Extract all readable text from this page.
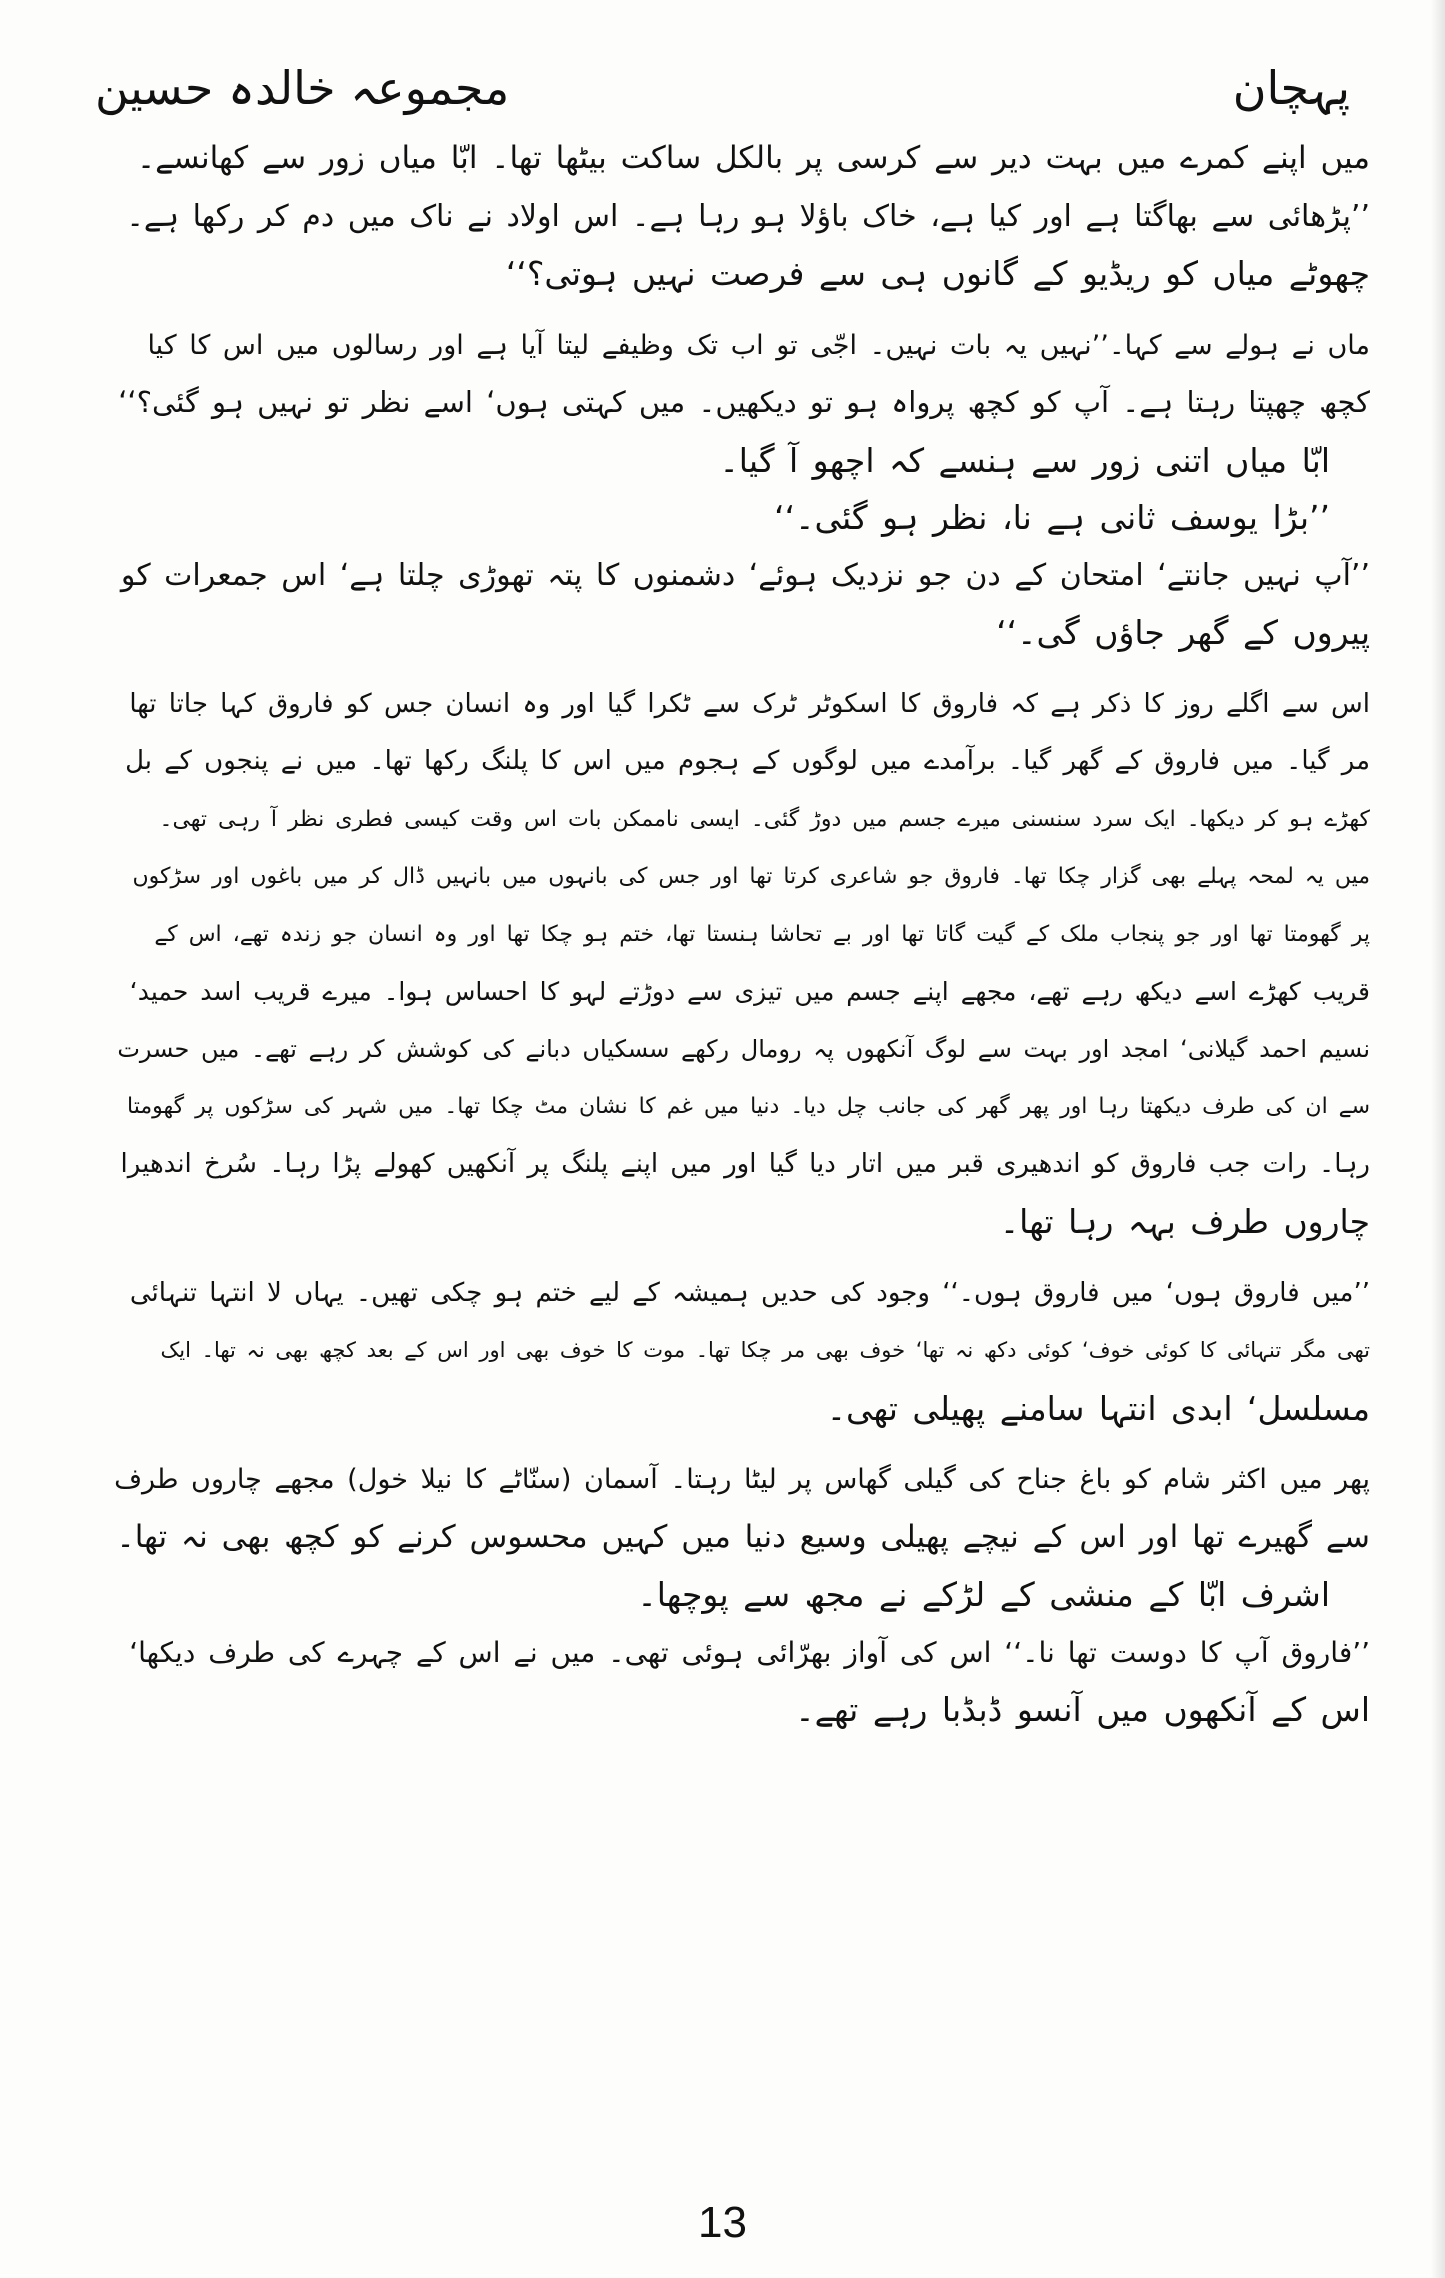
پہچان
مجموعہ خالدہ حسین
میں اپنے کمرے میں بہت دیر سے کرسی پر بالکل ساکت بیٹھا تھا۔ ابّا میاں زور سے کھانسے۔
’’پڑھائی سے بھاگتا ہے اور کیا ہے، خاک باؤلا ہو رہا ہے۔ اس اولاد نے ناک میں دم کر رکھا ہے۔
چھوٹے میاں کو ریڈیو کے گانوں ہی سے فرصت نہیں ہوتی؟‘‘
ماں نے ہولے سے کہا۔’’نہیں یہ بات نہیں۔ اجّی تو اب تک وظیفے لیتا آیا ہے اور رسالوں میں اس کا کیا
کچھ چھپتا رہتا ہے۔ آپ کو کچھ پرواہ ہو تو دیکھیں۔ میں کہتی ہوں‘ اسے نظر تو نہیں ہو گئی؟‘‘
ابّا میاں اتنی زور سے ہنسے کہ اچھو آ گیا۔
’’بڑا یوسف ثانی ہے نا، نظر ہو گئی۔‘‘
’’آپ نہیں جانتے‘ امتحان کے دن جو نزدیک ہوئے‘ دشمنوں کا پتہ تھوڑی چلتا ہے‘ اس جمعرات کو
پیروں کے گھر جاؤں گی۔‘‘
اس سے اگلے روز کا ذکر ہے کہ فاروق کا اسکوٹر ٹرک سے ٹکرا گیا اور وہ انسان جس کو فاروق کہا جاتا تھا
مر گیا۔ میں فاروق کے گھر گیا۔ برآمدے میں لوگوں کے ہجوم میں اس کا پلنگ رکھا تھا۔ میں نے پنجوں کے بل
کھڑے ہو کر دیکھا۔ ایک سرد سنسنی میرے جسم میں دوڑ گئی۔ ایسی ناممکن بات اس وقت کیسی فطری نظر آ رہی تھی۔
میں یہ لمحہ پہلے بھی گزار چکا تھا۔ فاروق جو شاعری کرتا تھا اور جس کی بانہوں میں بانہیں ڈال کر میں باغوں اور سڑکوں
پر گھومتا تھا اور جو پنجاب ملک کے گیت گاتا تھا اور بے تحاشا ہنستا تھا، ختم ہو چکا تھا اور وہ انسان جو زندہ تھے، اس کے
قریب کھڑے اسے دیکھ رہے تھے، مجھے اپنے جسم میں تیزی سے دوڑتے لہو کا احساس ہوا۔ میرے قریب اسد حمید‘
نسیم احمد گیلانی‘ امجد اور بہت سے لوگ آنکھوں پہ رومال رکھے سسکیاں دبانے کی کوشش کر رہے تھے۔ میں حسرت
سے ان کی طرف دیکھتا رہا اور پھر گھر کی جانب چل دیا۔ دنیا میں غم کا نشان مٹ چکا تھا۔ میں شہر کی سڑکوں پر گھومتا
رہا۔ رات جب فاروق کو اندھیری قبر میں اتار دیا گیا اور میں اپنے پلنگ پر آنکھیں کھولے پڑا رہا۔ سُرخ اندھیرا
چاروں طرف بہہ رہا تھا۔
’’میں فاروق ہوں‘ میں فاروق ہوں۔‘‘ وجود کی حدیں ہمیشہ کے لیے ختم ہو چکی تھیں۔ یہاں لا انتہا تنہائی
تھی مگر تنہائی کا کوئی خوف‘ کوئی دکھ نہ تھا‘ خوف بھی مر چکا تھا۔ موت کا خوف بھی اور اس کے بعد کچھ بھی نہ تھا۔ ایک
مسلسل‘ ابدی انتہا سامنے پھیلی تھی۔
پھر میں اکثر شام کو باغ جناح کی گیلی گھاس پر لیٹا رہتا۔ آسمان (سنّاٹے کا نیلا خول) مجھے چاروں طرف
سے گھیرے تھا اور اس کے نیچے پھیلی وسیع دنیا میں کہیں محسوس کرنے کو کچھ بھی نہ تھا۔
اشرف ابّا کے منشی کے لڑکے نے مجھ سے پوچھا۔
’’فاروق آپ کا دوست تھا نا۔‘‘ اس کی آواز بھرّائی ہوئی تھی۔ میں نے اس کے چہرے کی طرف دیکھا‘
اس کے آنکھوں میں آنسو ڈبڈبا رہے تھے۔
13
